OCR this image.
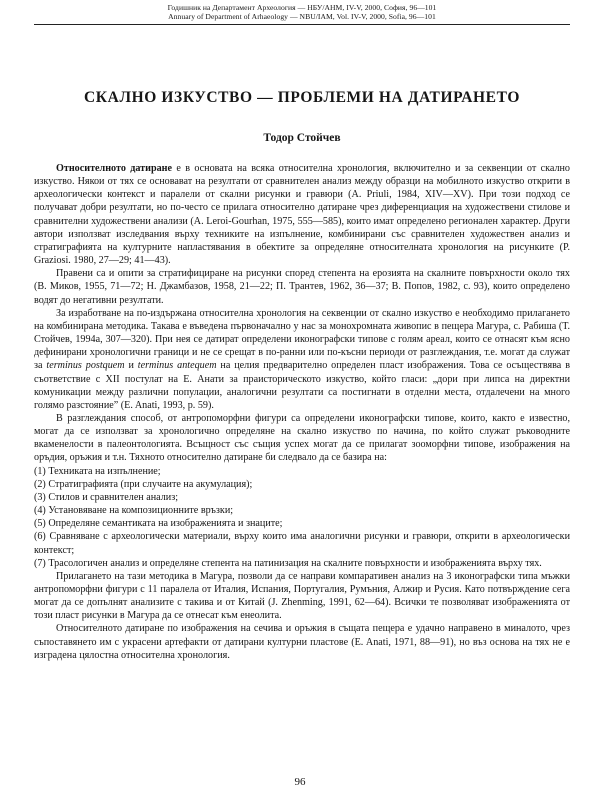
Годишник на Департамент Археология — НБУ/АНМ, IV-V, 2000, София, 96—101
Annuary of Department of Arhaeology — NBU/IAM, Vol. IV-V, 2000, Sofia, 96—101
СКАЛНО ИЗКУСТВО — ПРОБЛЕМИ НА ДАТИРАНЕТО
Тодор Стойчев

Относителното датиране е в основата на всяка относителна хронология, включително и за секвенции от скално изкуство. Някои от тях се основават на резултати от сравнителен анализ между образци на мобилното изкуство открити в археологически контекст и паралели от скални рисунки и гравюри (A. Priuli, 1984, XIV—XV). При този подход се получават добри резултати, но по-често се прилага относително датиране чрез диференциация на художествени стилове и сравнителни художествени анализи (A. Leroi-Gourhan, 1975, 555—585), които имат определено регионален характер. Други автори използват изследвания върху техниките на изпълнение, комбинирани със сравнителен художествен анализ и стратиграфията на културните напластявания в обектите за определяне относителната хронология на рисунките (P. Graziosi. 1980, 27—29; 41—43).

Правени са и опити за стратифициране на рисунки според степента на ерозията на скалните повърхности около тях (В. Миков, 1955, 71—72; Н. Джамбазов, 1958, 21—22; П. Трантев, 1962, 36—37; В. Попов, 1982, с. 93), които определено водят до негативни резултати.

За изработване на по-издържана относителна хронология на секвенции от скално изкуство е необходимо прилагането на комбинирана методика. Такава е въведена първоначално у нас за монохромната живопис в пещера Магура, с. Рабиша (Т. Стойчев, 1994а, 307—320). При нея се датират определени иконографски типове с голям ареал, които се отнасят към ясно дефинирани хронологични граници и не се срещат в по-ранни или по-късни периоди от разглеждания, т.е. могат да служат за terminus postquem и terminus antequem на целия предварително определен пласт изображения. Това се осъществява в съответствие с XII постулат на Е. Анати за праисторическото изкуство, който гласи: „дори при липса на директни комуникации между различни популации, аналогични резултати са постигнати в отделни места, отдалечени на много голямо разстояние” (E. Anati, 1993, p. 59).

В разглеждания способ, от антропоморфни фигури са определени иконографски типове, които, както е известно, могат да се използват за хронологично определяне на скално изкуство по начина, по който служат ръководните вкаменелости в палеонтологията. Всъщност със същия успех могат да се прилагат зооморфни типове, изображения на оръдия, оръжия и т.н. Тяхното относително датиране би следвало да се базира на:

(1) Техниката на изпълнение;
(2) Стратиграфията (при случаите на акумулация);
(3) Стилов и сравнителен анализ;
(4) Установяване на композиционните връзки;
(5) Определяне семантиката на изображенията и знаците;
(6) Сравняване с археологически материали, върху които има аналогични рисунки и гравюри, открити в археологически контекст;
(7) Трасологичен анализ и определяне степента на патинизация на скалните повърхности и изображенията върху тях.

Прилагането на тази методика в Магура, позволи да се направи компаративен анализ на 3 иконографски типа мъжки антропоморфни фигури с 11 паралела от Италия, Испания, Португалия, Румъния, Алжир и Русия. Като потвърждение сега могат да се допълнят анализите с такива и от Китай (J. Zhenming, 1991, 62—64). Всички те позволяват изображенията от този пласт рисунки в Магура да се отнесат към енеолита.

Относителното датиране по изображения на сечива и оръжия в същата пещера е удачно направено в миналото, чрез съпоставянето им с украсени артефакти от датирани културни пластове (E. Anati, 1971, 88—91), но въз основа на тях не е изградена цялостна относителна хронология.

96
